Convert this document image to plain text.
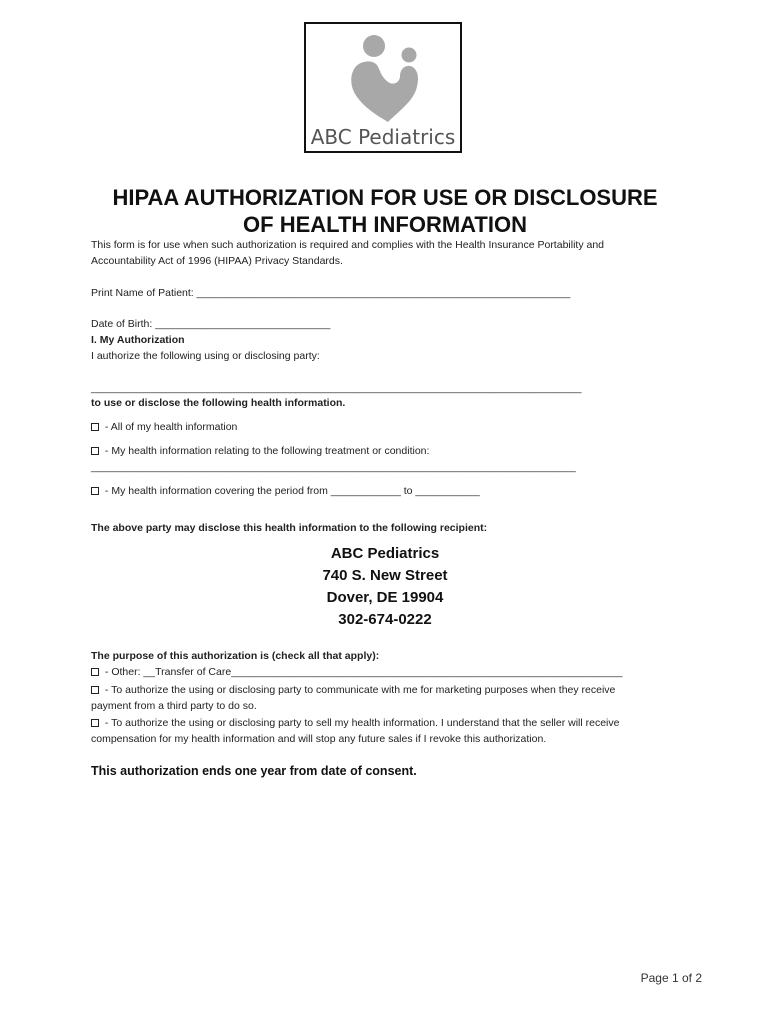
ABC Pediatrics
HIPAA AUTHORIZATION FOR USE OR DISCLOSURE
OF HEALTH INFORMATION
This form is for use when such authorization is required and complies with the Health Insurance Portability and
Accountability Act of 1996 (HIPAA) Privacy Standards.
Print Name of Patient: ________________________________________________________________
Date of Birth: ______________________________
I. My Authorization
I authorize the following using or disclosing party:
____________________________________________________________________________________
to use or disclose the following health information.
- All of my health information
- My health information relating to the following treatment or condition:
___________________________________________________________________________________
- My health information covering the period from ____________ to ___________
The above party may disclose this health information to the following recipient:
ABC Pediatrics
740 S. New Street
Dover, DE 19904
302-674-0222
The purpose of this authorization is (check all that apply):
- Other: __Transfer of Care___________________________________________________________________
- To authorize the using or disclosing party to communicate with me for marketing purposes when they receive
payment from a third party to do so.
- To authorize the using or disclosing party to sell my health information. I understand that the seller will receive
compensation for my health information and will stop any future sales if I revoke this authorization.
This authorization ends one year from date of consent.
Page 1 of 2
